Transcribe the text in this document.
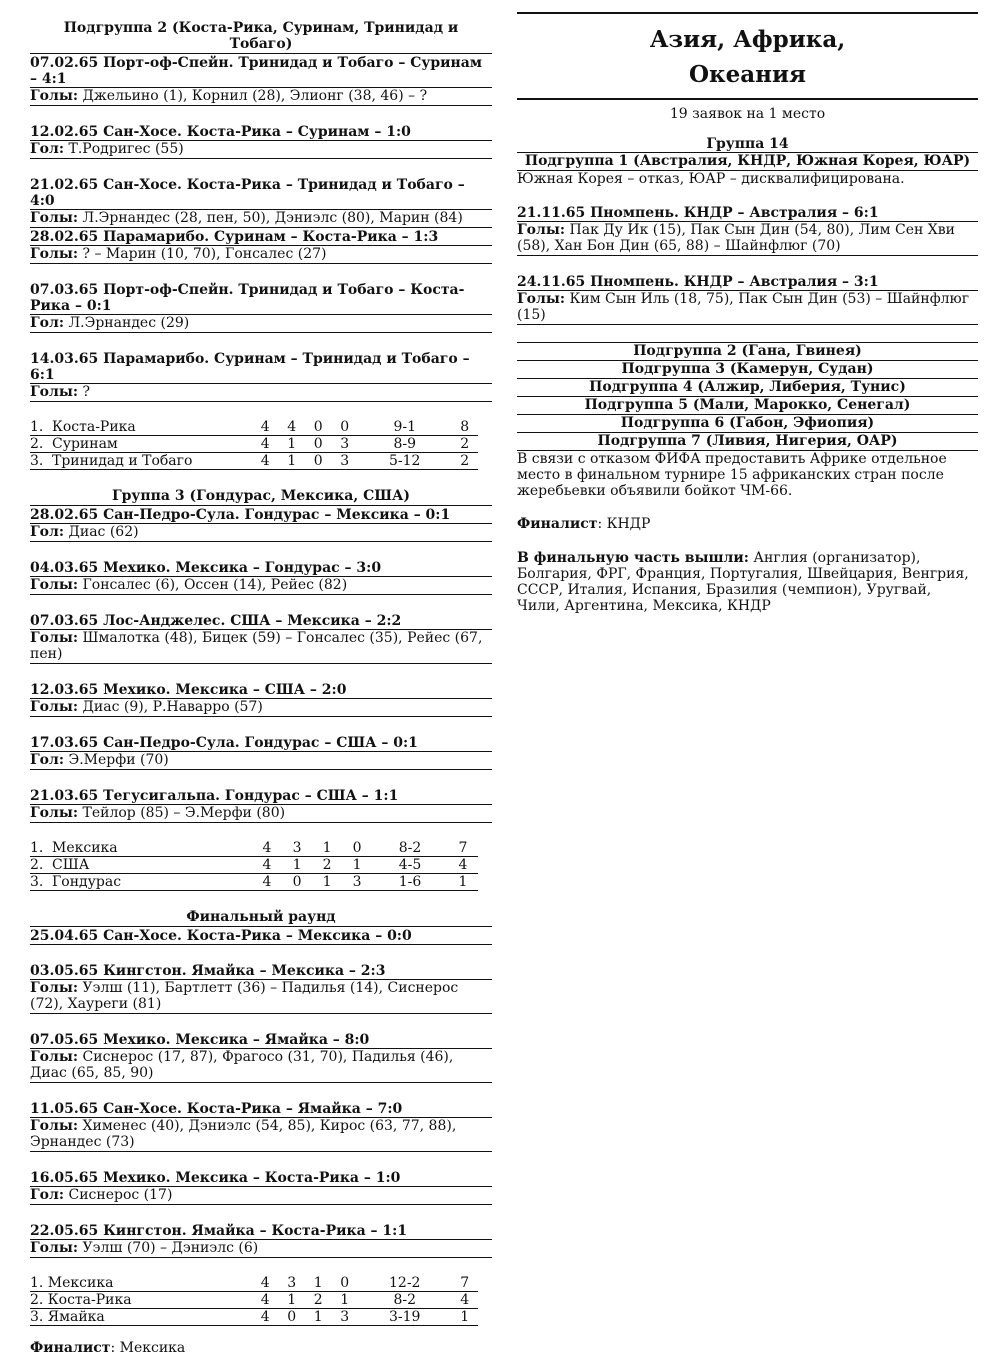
Подгруппа 2 (Коста-Рика, Суринам, Тринидад и Тобаго)
07.02.65 Порт-оф-Спейн. Тринидад и Тобаго – Суринам – 4:1
Голы: Джельино (1), Корнил (28), Элионг (38, 46) – ?
12.02.65 Сан-Хосе. Коста-Рика – Суринам – 1:0
Гол: Т.Родригес (55)
21.02.65 Сан-Хосе. Коста-Рика – Тринидад и Тобаго – 4:0
Голы: Л.Эрнандес (28, пен, 50), Дэниэлс (80), Марин (84)
28.02.65 Парамарибо. Суринам – Коста-Рика – 1:3
Голы: ? – Марин (10, 70), Гонсалес (27)
07.03.65 Порт-оф-Спейн. Тринидад и Тобаго – Коста-Рика – 0:1
Гол: Л.Эрнандес (29)
14.03.65 Парамарибо. Суринам – Тринидад и Тобаго – 6:1
Голы: ?
1.	Коста-Рика	4	4	0	0	9-1	8
2.	Суринам	4	1	0	3	8-9	2
3.	Тринидад и Тобаго	4	1	0	3	5-12	2
Группа 3 (Гондурас, Мексика, США)
28.02.65 Сан-Педро-Сула. Гондурас – Мексика – 0:1
Гол: Диас (62)
04.03.65 Мехико. Мексика – Гондурас – 3:0
Голы: Гонсалес (6), Оссен (14), Рейес (82)
07.03.65 Лос-Анджелес. США – Мексика – 2:2
Голы: Шмалотка (48), Бицек (59) – Гонсалес (35), Рейес (67, пен)
12.03.65 Мехико. Мексика – США – 2:0
Голы: Диас (9), Р.Наварро (57)
17.03.65 Сан-Педро-Сула. Гондурас – США – 0:1
Гол: Э.Мерфи (70)
21.03.65 Тегусигальпа. Гондурас – США – 1:1
Голы: Тейлор (85) – Э.Мерфи (80)
1.	Мексика	4	3	1	0	8-2	7
2.	США	4	1	2	1	4-5	4
3.	Гондурас	4	0	1	3	1-6	1
Финальный раунд
25.04.65 Сан-Хосе. Коста-Рика – Мексика – 0:0
03.05.65 Кингстон. Ямайка – Мексика – 2:3
Голы: Уэлш (11), Бартлетт (36) – Падилья (14), Сиснерос (72), Хауреги (81)
07.05.65 Мехико. Мексика – Ямайка – 8:0
Голы: Сиснерос (17, 87), Фрагосо (31, 70), Падилья (46), Диас (65, 85, 90)
11.05.65 Сан-Хосе. Коста-Рика – Ямайка – 7:0
Голы: Хименес (40), Дэниэлс (54, 85), Кирос (63, 77, 88), Эрнандес (73)
16.05.65 Мехико. Мексика – Коста-Рика – 1:0
Гол: Сиснерос (17)
22.05.65 Кингстон. Ямайка – Коста-Рика – 1:1
Голы: Уэлш (70) – Дэниэлс (6)
1. Мексика	4	3	1	0	12-2	7
2. Коста-Рика	4	1	2	1	8-2	4
3. Ямайка	4	0	1	3	3-19	1
Финалист: Мексика
Азия, Африка,
Океания
19 заявок на 1 место
Группа 14
Подгруппа 1 (Австралия, КНДР, Южная Корея, ЮАР)
Южная Корея – отказ, ЮАР – дисквалифицирована.
21.11.65 Пномпень. КНДР – Австралия – 6:1
Голы: Пак Ду Ик (15), Пак Сын Дин (54, 80), Лим Сен Хви (58), Хан Бон Дин (65, 88) – Шайнфлюг (70)
24.11.65 Пномпень. КНДР – Австралия – 3:1
Голы: Ким Сын Иль (18, 75), Пак Сын Дин (53) – Шайнфлюг (15)
Подгруппа 2 (Гана, Гвинея)
Подгруппа 3 (Камерун, Судан)
Подгруппа 4 (Алжир, Либерия, Тунис)
Подгруппа 5 (Мали, Марокко, Сенегал)
Подгруппа 6 (Габон, Эфиопия)
Подгруппа 7 (Ливия, Нигерия, ОАР)
В связи с отказом ФИФА предоставить Африке отдельное место в финальном турнире 15 африканских стран после жеребьевки объявили бойкот ЧМ-66.
Финалист: КНДР
В финальную часть вышли: Англия (организатор), Болгария, ФРГ, Франция, Португалия, Швейцария, Венгрия, СССР, Италия, Испания, Бразилия (чемпион), Уругвай, Чили, Аргентина, Мексика, КНДР
